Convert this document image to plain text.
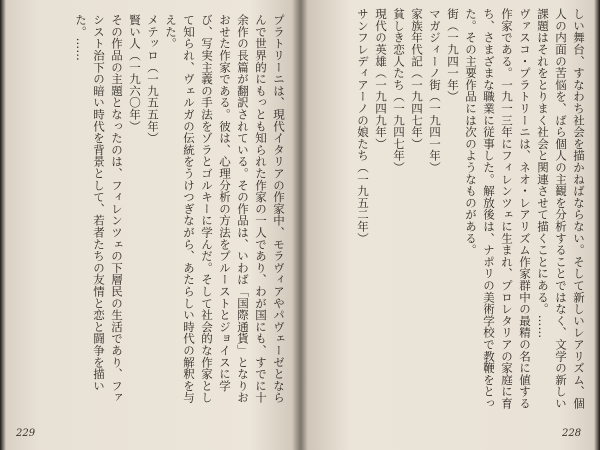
プラトリーニは、現代イタリアの作家中、モラヴィアやパヴェーゼとならんで世界的にもっとも知られた作家の一人であり、わが国にも、すでに十余作の長篇が翻訳されている。その作品は、いわば「国際通貨」となりおおせた作家である。彼は、心理分析の方法をプルーストとジョイスに学び、写実主義の手法をゾラとゴルキーに学んだ。そして社会的な作家として知られ、ヴェルガの伝統をうけつぎながら、あたらしい時代の解釈を与えた。
メテッロ（一九五五年）
賢い人（一九六〇年）
その作品の主題となったのは、フィレンツェの下層民の生活であり、ファシスト治下の暗い時代を背景として、若者たちの友情と恋と闘争を描いた。……
229
しい舞台、すなわち社会を描かねばならない。そして新しいレアリズム、個人の内面の苦悩を、ばら個人の主観を分析することではなく、文学の新しい課題はそれをとりまく社会と関連させて描くことにある。……
ヴァスコ・プラトリーニは、ネオ・レアリズム作家群中の最精の名に値する作家である。一九一三年にフィレンツェに生まれ、プロレタリアの家庭に育ち、さまざまな職業に従事した。解放後は、ナポリの美術学校で教鞭をとった。その主要作品には次のようなものがある。
街（一九四一年）
マガジィーノ街（一九四一年）
家族年代記（一九四七年）
貧しき恋人たち（一九四七年）
現代の英雄（一九四九年）
サンフレディアーノの娘たち（一九五二年）
228
